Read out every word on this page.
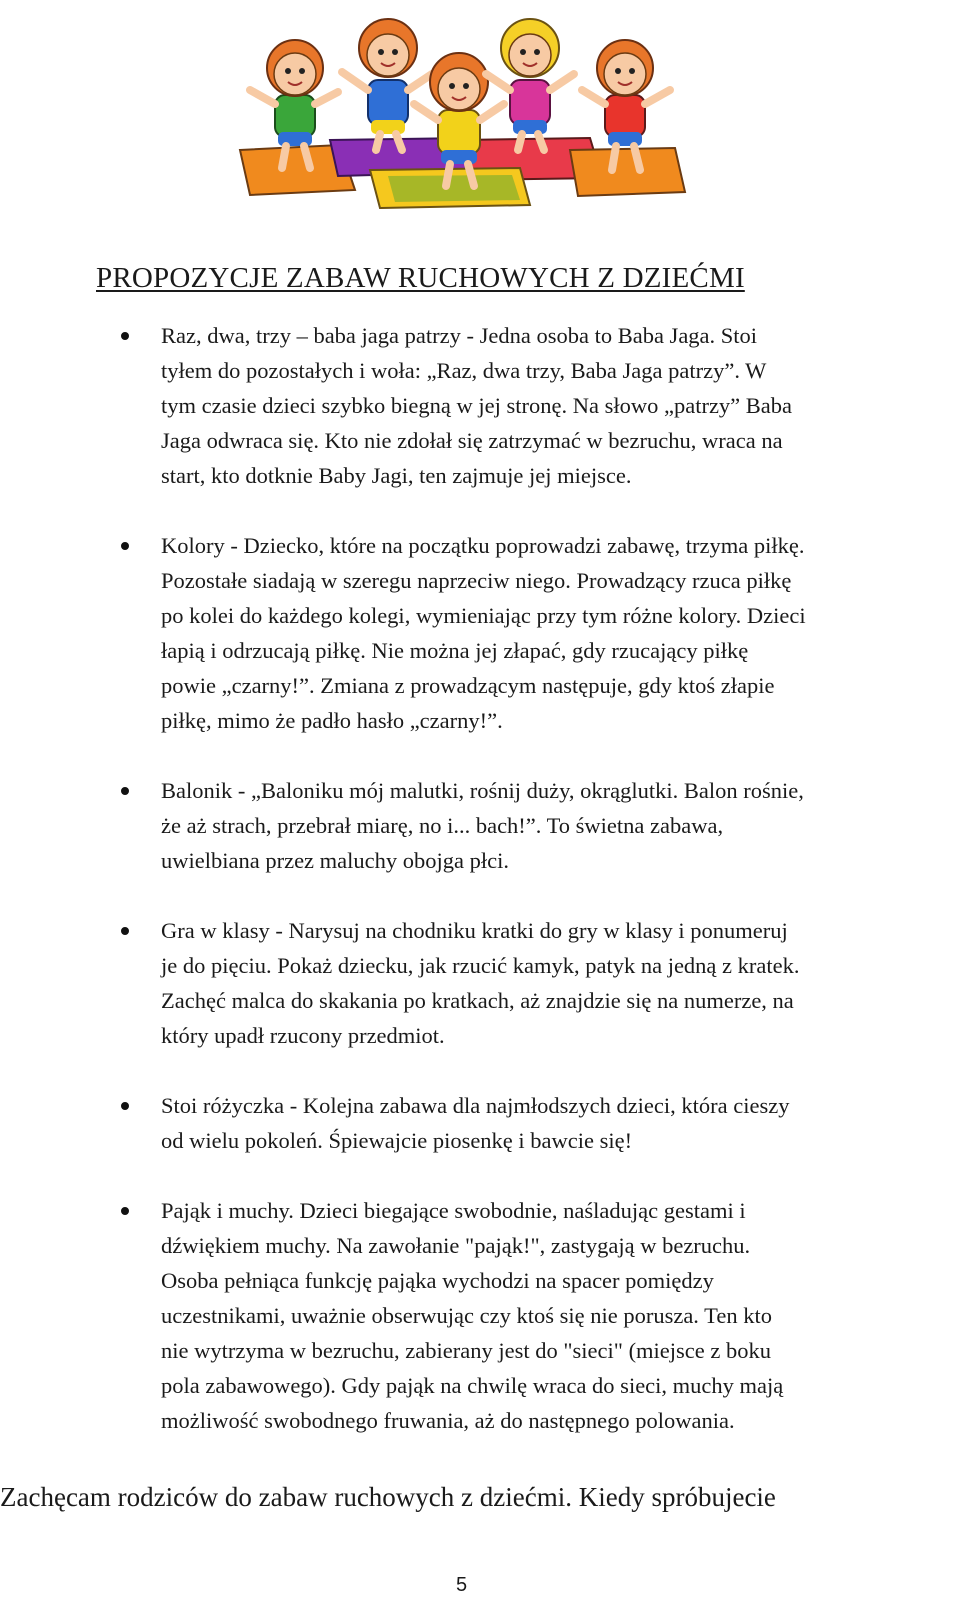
PROPOZYCJE ZABAW RUCHOWYCH Z DZIEĆMI
Raz, dwa, trzy – baba jaga patrzy - Jedna osoba to Baba Jaga. Stoi
tyłem do pozostałych i woła: „Raz, dwa trzy, Baba Jaga patrzy”. W
tym czasie dzieci szybko biegną w jej stronę. Na słowo „patrzy” Baba
Jaga odwraca się. Kto nie zdołał się zatrzymać w bezruchu, wraca na
start, kto dotknie Baby Jagi, ten zajmuje jej miejsce.
Kolory - Dziecko, które na początku poprowadzi zabawę, trzyma piłkę.
Pozostałe siadają w szeregu naprzeciw niego. Prowadzący rzuca piłkę
po kolei do każdego kolegi, wymieniając przy tym różne kolory. Dzieci
łapią i odrzucają piłkę. Nie można jej złapać, gdy rzucający piłkę
powie „czarny!”. Zmiana z prowadzącym następuje, gdy ktoś złapie
piłkę, mimo że padło hasło „czarny!”.
Balonik - „Baloniku mój malutki, rośnij duży, okrąglutki. Balon rośnie,
że aż strach, przebrał miarę, no i... bach!”. To świetna zabawa,
uwielbiana przez maluchy obojga płci.
Gra w klasy - Narysuj na chodniku kratki do gry w klasy i ponumeruj
je do pięciu. Pokaż dziecku, jak rzucić kamyk, patyk na jedną z kratek.
Zachęć malca do skakania po kratkach, aż znajdzie się na numerze, na
który upadł rzucony przedmiot.
Stoi różyczka - Kolejna zabawa dla najmłodszych dzieci, która cieszy
od wielu pokoleń. Śpiewajcie piosenkę i bawcie się!
Pająk i muchy. Dzieci biegające swobodnie, naśladując gestami i
dźwiękiem muchy. Na zawołanie "pająk!", zastygają w bezruchu.
Osoba pełniąca funkcję pająka wychodzi na spacer pomiędzy
uczestnikami, uważnie obserwując czy ktoś się nie porusza. Ten kto
nie wytrzyma w bezruchu, zabierany jest do "sieci" (miejsce z boku
pola zabawowego). Gdy pająk na chwilę wraca do sieci, muchy mają
możliwość swobodnego fruwania, aż do następnego polowania.
Zachęcam rodziców do zabaw ruchowych z dziećmi. Kiedy spróbujecie
5
